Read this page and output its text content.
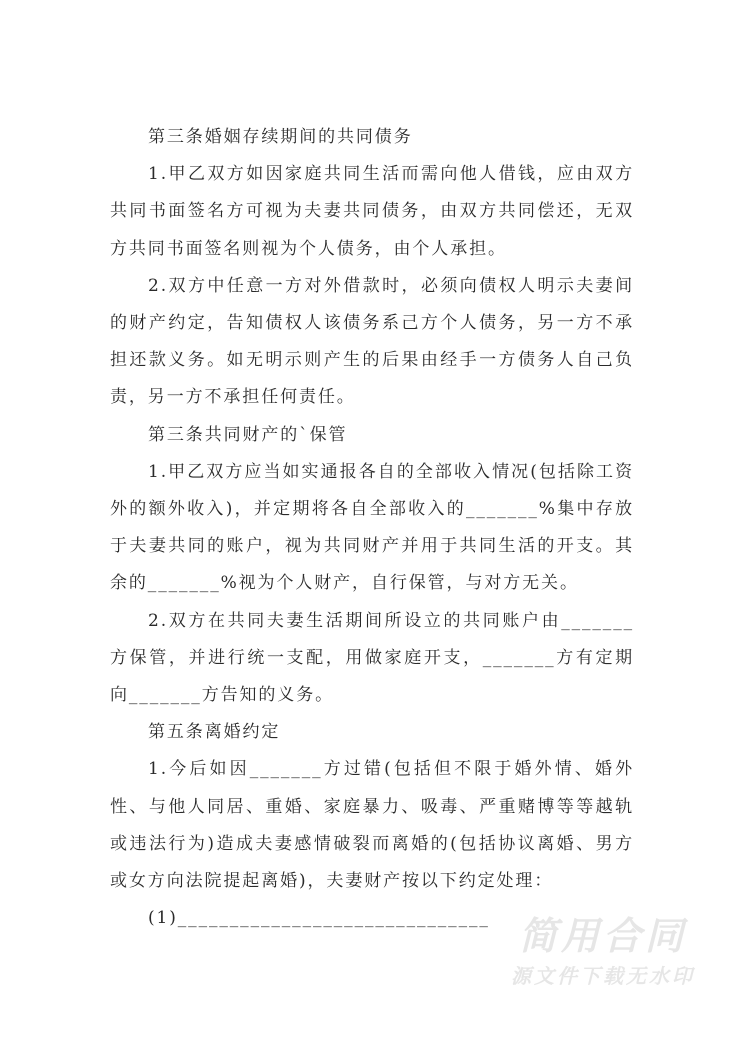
第三条婚姻存续期间的共同债务

1.甲乙双方如因家庭共同生活而需向他人借钱，应由双方共同书面签名方可视为夫妻共同债务，由双方共同偿还，无双方共同书面签名则视为个人债务，由个人承担。

2.双方中任意一方对外借款时，必须向债权人明示夫妻间的财产约定，告知债权人该债务系己方个人债务，另一方不承担还款义务。如无明示则产生的后果由经手一方债务人自己负责，另一方不承担任何责任。

第三条共同财产的`保管

1.甲乙双方应当如实通报各自的全部收入情况(包括除工资外的额外收入)，并定期将各自全部收入的_______%集中存放于夫妻共同的账户，视为共同财产并用于共同生活的开支。其余的_______%视为个人财产，自行保管，与对方无关。

2.双方在共同夫妻生活期间所设立的共同账户由_______方保管，并进行统一支配，用做家庭开支，_______方有定期向_______方告知的义务。

第五条离婚约定

1.今后如因_______方过错(包括但不限于婚外情、婚外性、与他人同居、重婚、家庭暴力、吸毒、严重赌博等等越轨或违法行为)造成夫妻感情破裂而离婚的(包括协议离婚、男方或女方向法院提起离婚)，夫妻财产按以下约定处理：

(1)______________________________ 简用合同
源文件下载无水印
